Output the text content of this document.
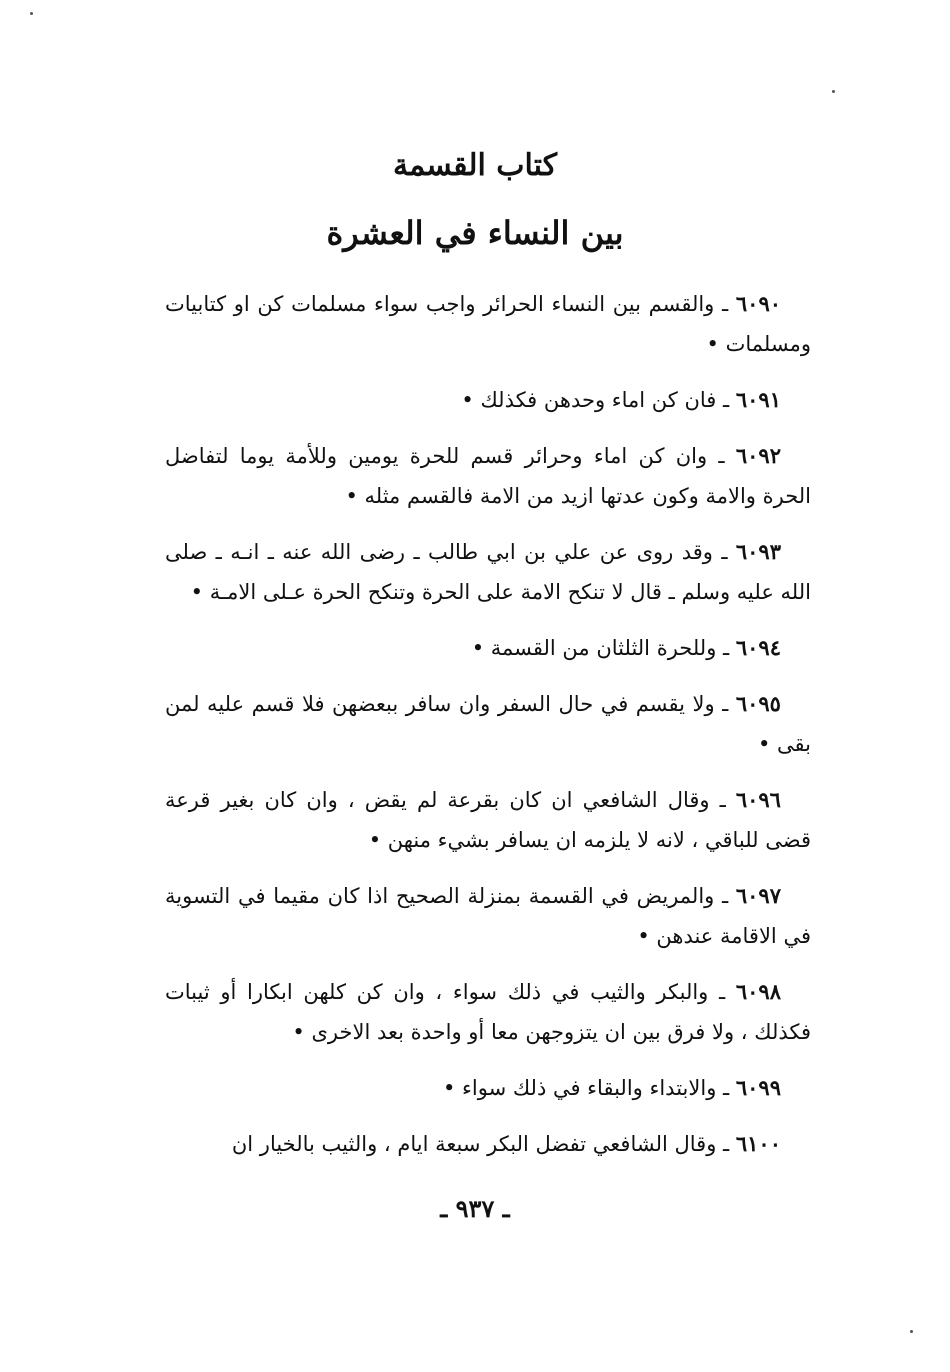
كتاب القسمة
بين النساء في العشرة

٦٠٩٠ ـ والقسم بين النساء الحرائر واجب سواء مسلمات كن او كتابيات ومسلمات •

٦٠٩١ ـ فان كن اماء وحدهن فكذلك •

٦٠٩٢ ـ وان كن اماء وحرائر قسم للحرة يومين وللأمة يوما لتفاضل الحرة والامة وكون عدتها ازيد من الامة فالقسم مثله •

٦٠٩٣ ـ وقد روى عن علي بن ابي طالب ـ رضى الله عنه ـ انـه ـ صلى الله عليه وسلم ـ قال لا تنكح الامة على الحرة وتنكح الحرة عـلى الامـة •

٦٠٩٤ ـ وللحرة الثلثان من القسمة •

٦٠٩٥ ـ ولا يقسم في حال السفر وان سافر ببعضهن فلا قسم عليه لمن بقى •

٦٠٩٦ ـ وقال الشافعي ان كان بقرعة لم يقض ، وان كان بغير قرعة قضى للباقي ، لانه لا يلزمه ان يسافر بشيء منهن •

٦٠٩٧ ـ والمريض في القسمة بمنزلة الصحيح اذا كان مقيما في التسوية في الاقامة عندهن •

٦٠٩٨ ـ والبكر والثيب في ذلك سواء ، وان كن كلهن ابكارا أو ثيبات فكذلك ، ولا فرق بين ان يتزوجهن معا أو واحدة بعد الاخرى •

٦٠٩٩ ـ والابتداء والبقاء في ذلك سواء •

٦١٠٠ ـ وقال الشافعي تفضل البكر سبعة ايام ، والثيب بالخيار ان

ـ ٩٣٧ ـ
